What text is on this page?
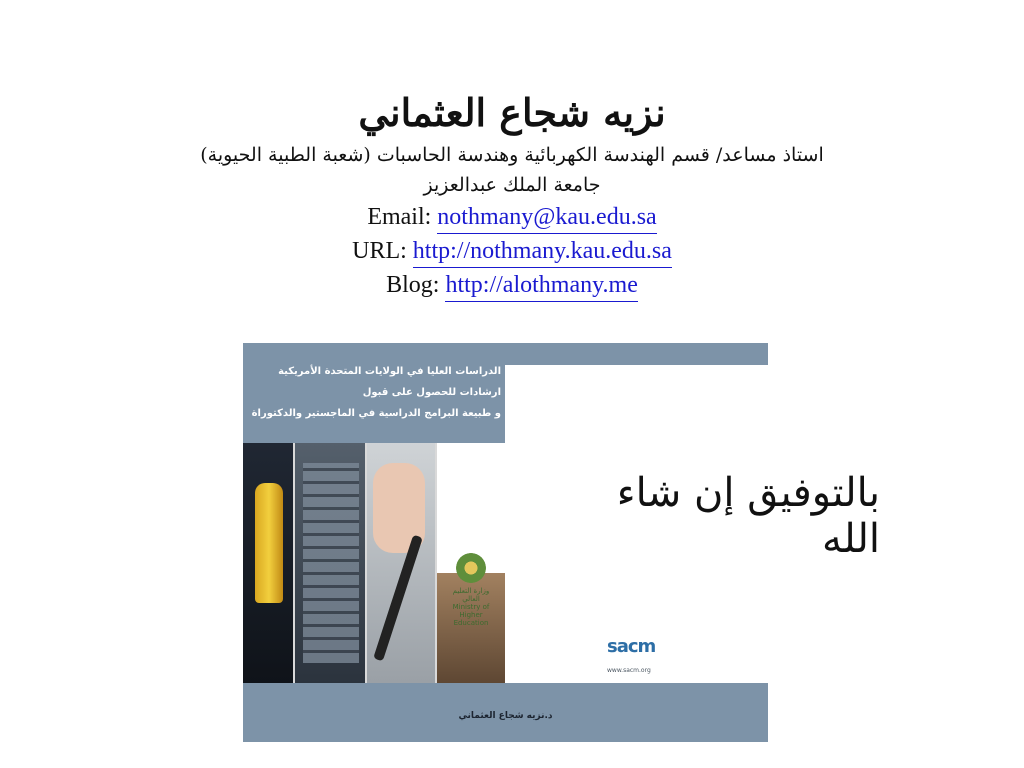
نزيه شجاع العثماني

استاذ مساعد/ قسم الهندسة الكهربائية وهندسة الحاسبات (شعبة الطبية الحيوية)

جامعة الملك عبدالعزيز

Email: nothmany@kau.edu.sa

URL: http://nothmany.kau.edu.sa

Blog: http://alothmany.me

الدراسات العليا في الولايات المتحدة الأمريكية
ارشادات للحصول على قبول
و طبيعة البرامج الدراسية في الماجستير والدكتوراة
وزارة التعليم العالي
Ministry of Higher Education
sacm
www.sacm.org
د.نزيه شجاع العثماني
بالتوفيق إن شاء الله
